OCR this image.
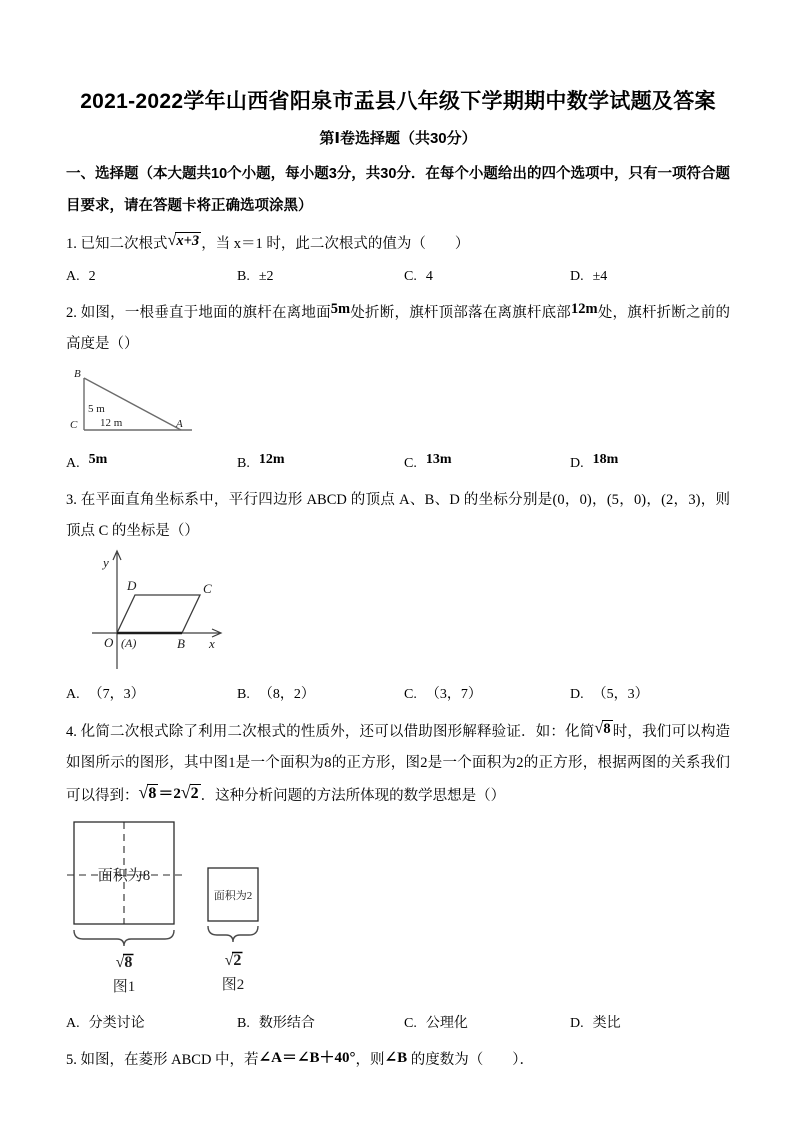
2021-2022学年山西省阳泉市盂县八年级下学期期中数学试题及答案
第Ⅰ卷选择题（共30分）

一、选择题（本大题共10个小题，每小题3分，共30分．在每个小题给出的四个选项中，只有一项符合题目要求，请在答题卡将正确选项涂黑）

1. 已知二次根式√x+3 ，当 x＝1 时，此二次根式的值为（　　）

A. 2	B. ±2	C. 4	D. ±4

2. 如图，一根垂直于地面的旗杆在离地面5m处折断，旗杆顶部落在离旗杆底部12m处，旗杆折断之前的高度是（）

B
5 m
C 12 m	A
A. 5m	B. 12m	C. 13m	D. 18m

3. 在平面直角坐标系中，平行四边形 ABCD 的顶点 A、B、D 的坐标分别是(0，0)，(5，0)，(2，3)，则顶点 C 的坐标是（）

y
x
O (A)
D	C
B
A. （7，3）	B. （8，2）	C. （3，7）	D. （5，3）

4. 化简二次根式除了利用二次根式的性质外，还可以借助图形解释验证．如：化简√8 时，我们可以构造如图所示的图形，其中图1是一个面积为8的正方形，图2是一个面积为2的正方形，根据两图的关系我们可以得到：√8 ＝2√2 ．这种分析问题的方法所体现的数学思想是（）

面积为8
√8
图1
面积为2
√2
图2
A. 分类讨论	B. 数形结合	C. 公理化	D. 类比

5. 如图，在菱形 ABCD 中，若∠A＝∠B＋40°，则∠B 的度数为（　　）．
